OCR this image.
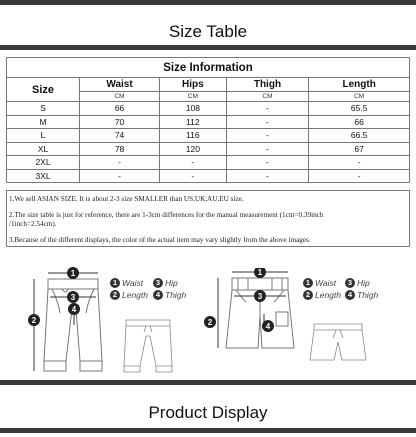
Size Table
Size Information				
Size	Waist	Hips	Thigh	Length
	CM	CM	CM	CM
S	66	108	-	65.5
M	70	112	-	66
L	74	116	-	66.5
XL	78	120	-	67
2XL	-	-	-	-
3XL	-	-	-	-
1.We sell ASIAN SIZE. It is about 2-3 size SMALLER than US,UK,AU,EU size.
2.The size table is just for reference, there are 1-3cm differences for the manual measurement (1cm=0.39inch
/1inch=2.54cm).
3.Because of the different displays, the color of the actual item may vary slightly from the above images.
1
2
3
4
1 Waist	3 Hip
2 Length	4 Thigh
1
2
3
4
1 Waist	3 Hip
2 Length 4 Thigh
Product Display
